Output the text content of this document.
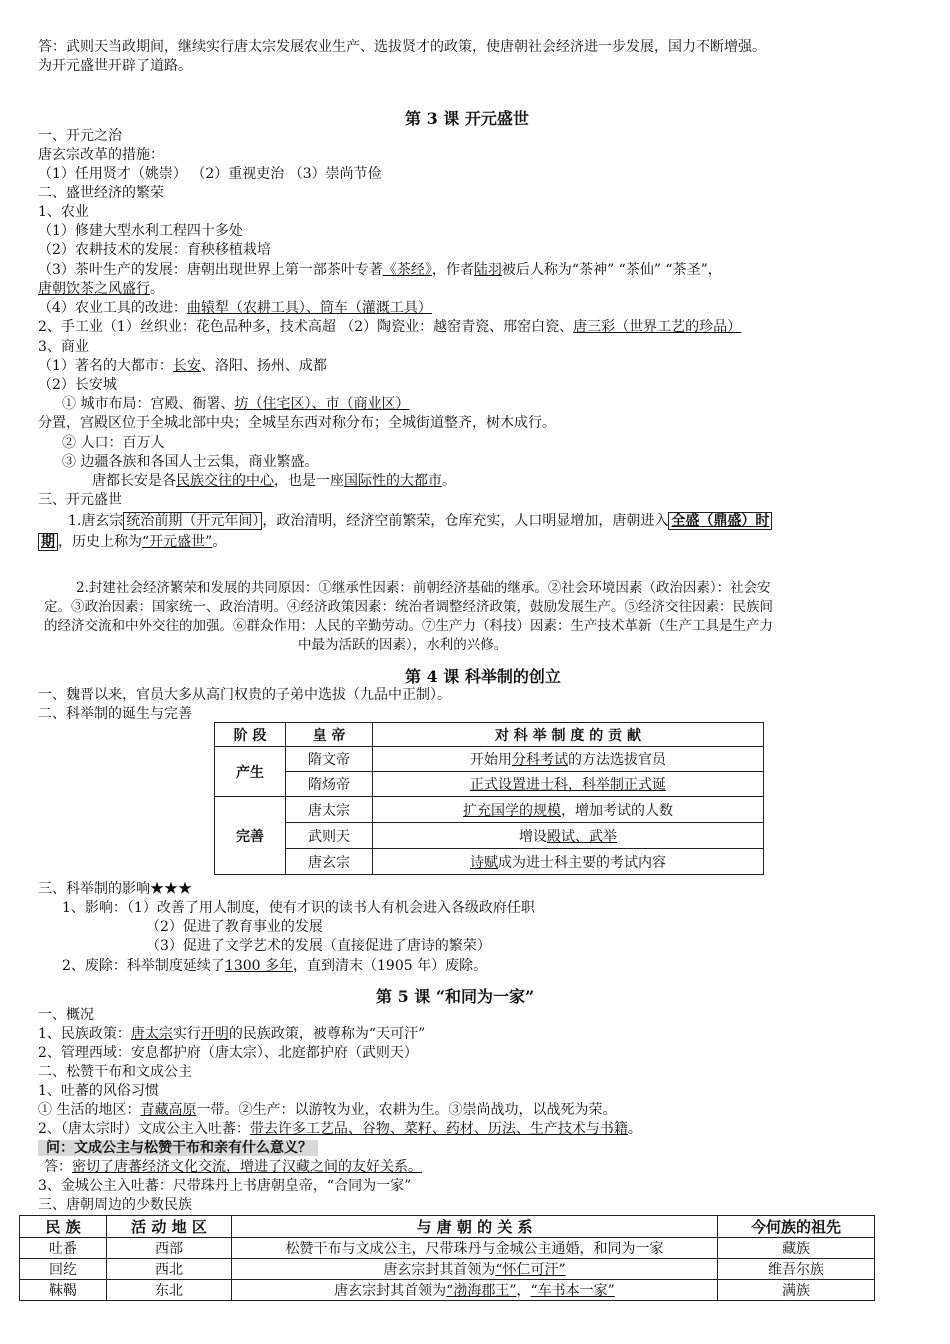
答：武则天当政期间，继续实行唐太宗发展农业生产、选拔贤才的政策，使唐朝社会经济进一步发展，国力不断增强。
为开元盛世开辟了道路。
第 3 课 开元盛世
一、开元之治
唐玄宗改革的措施：
（1）任用贤才（姚崇） （2）重视吏治 （3）崇尚节俭
二、盛世经济的繁荣
1、农业
（1）修建大型水利工程四十多处
（2）农耕技术的发展：育秧移植栽培
（3）茶叶生产的发展：唐朝出现世界上第一部茶叶专著《茶经》，作者陆羽被后人称为“茶神” “茶仙” “茶圣”，
唐朝饮茶之风盛行。
（4）农业工具的改进：曲辕犁（农耕工具）、筒车（灌溉工具）
2、手工业（1）丝织业：花色品种多，技术高超 （2）陶瓷业：越窑青瓷、邢窑白瓷、唐三彩（世界工艺的珍品）
3、商业
（1）著名的大都市：长安、洛阳、扬州、成都
（2）长安城
① 城市布局：宫殿、衙署、坊（住宅区）、市（商业区）
分置，宫殿区位于全城北部中央；全城呈东西对称分布；全城街道整齐，树木成行。
② 人口：百万人
③ 边疆各族和各国人士云集，商业繁盛。
唐都长安是各民族交往的中心，也是一座国际性的大都市。
三、开元盛世
1.唐玄宗 统治前期（开元年间） ，政治清明，经济空前繁荣，仓库充实，人口明显增加，唐朝进入 全盛（鼎盛）时
期 ，历史上称为“开元盛世”。
2.封建社会经济繁荣和发展的共同原因：①继承性因素：前朝经济基础的继承。②社会环境因素（政治因素）：社会安
定。③政治因素：国家统一、政治清明。④经济政策因素：统治者调整经济政策，鼓励发展生产。⑤经济交往因素：民族间
的经济交流和中外交往的加强。⑥群众作用：人民的辛勤劳动。⑦生产力（科技）因素：生产技术革新（生产工具是生产力
中最为活跃的因素），水利的兴修。
第 4 课 科举制的创立
一、魏晋以来，官员大多从高门权贵的子弟中选拔（九品中正制）。
二、科举制的诞生与完善
阶 段	皇 帝	对 科 举 制 度 的 贡 献
产生	隋文帝	开始用分科考试的方法选拔官员
	隋炀帝	正式设置进士科，科举制正式诞
完善	唐太宗	扩充国学的规模，增加考试的人数
	武则天	增设殿试、武举
	唐玄宗	诗赋成为进士科主要的考试内容
三、科举制的影响★★★
1、影响：（1）改善了用人制度，使有才识的读书人有机会进入各级政府任职
（2）促进了教育事业的发展
（3）促进了文学艺术的发展（直接促进了唐诗的繁荣）
2、废除：科举制度延续了1300 多年，直到清末（1905 年）废除。
第 5 课 “和同为一家”
一、概况
1、民族政策：唐太宗实行开明的民族政策，被尊称为“天可汗”
2、管理西域：安息都护府（唐太宗）、北庭都护府（武则天）
二、松赞干布和文成公主
1、吐蕃的风俗习惯
① 生活的地区：青藏高原一带。②生产：以游牧为业，农耕为生。③崇尚战功，以战死为荣。
2、（唐太宗时）文成公主入吐蕃：带去许多工艺品、谷物、菜籽、药材、历法、生产技术与书籍。
问：文成公主与松赞干布和亲有什么意义？
答：密切了唐蕃经济文化交流，增进了汉藏之间的友好关系。
3、金城公主入吐蕃：尺带珠丹上书唐朝皇帝，“合同为一家”
三、唐朝周边的少数民族
民 族	活 动 地 区	与 唐 朝 的 关 系	今何族的祖先
吐番	西部	松赞干布与文成公主，尺带珠丹与金城公主通婚，和同为一家	藏族
回纥	西北	唐玄宗封其首领为“怀仁可汗”	维吾尔族
靺鞨	东北	唐玄宗封其首领为“渤海郡王”，“车书本一家”	满族
